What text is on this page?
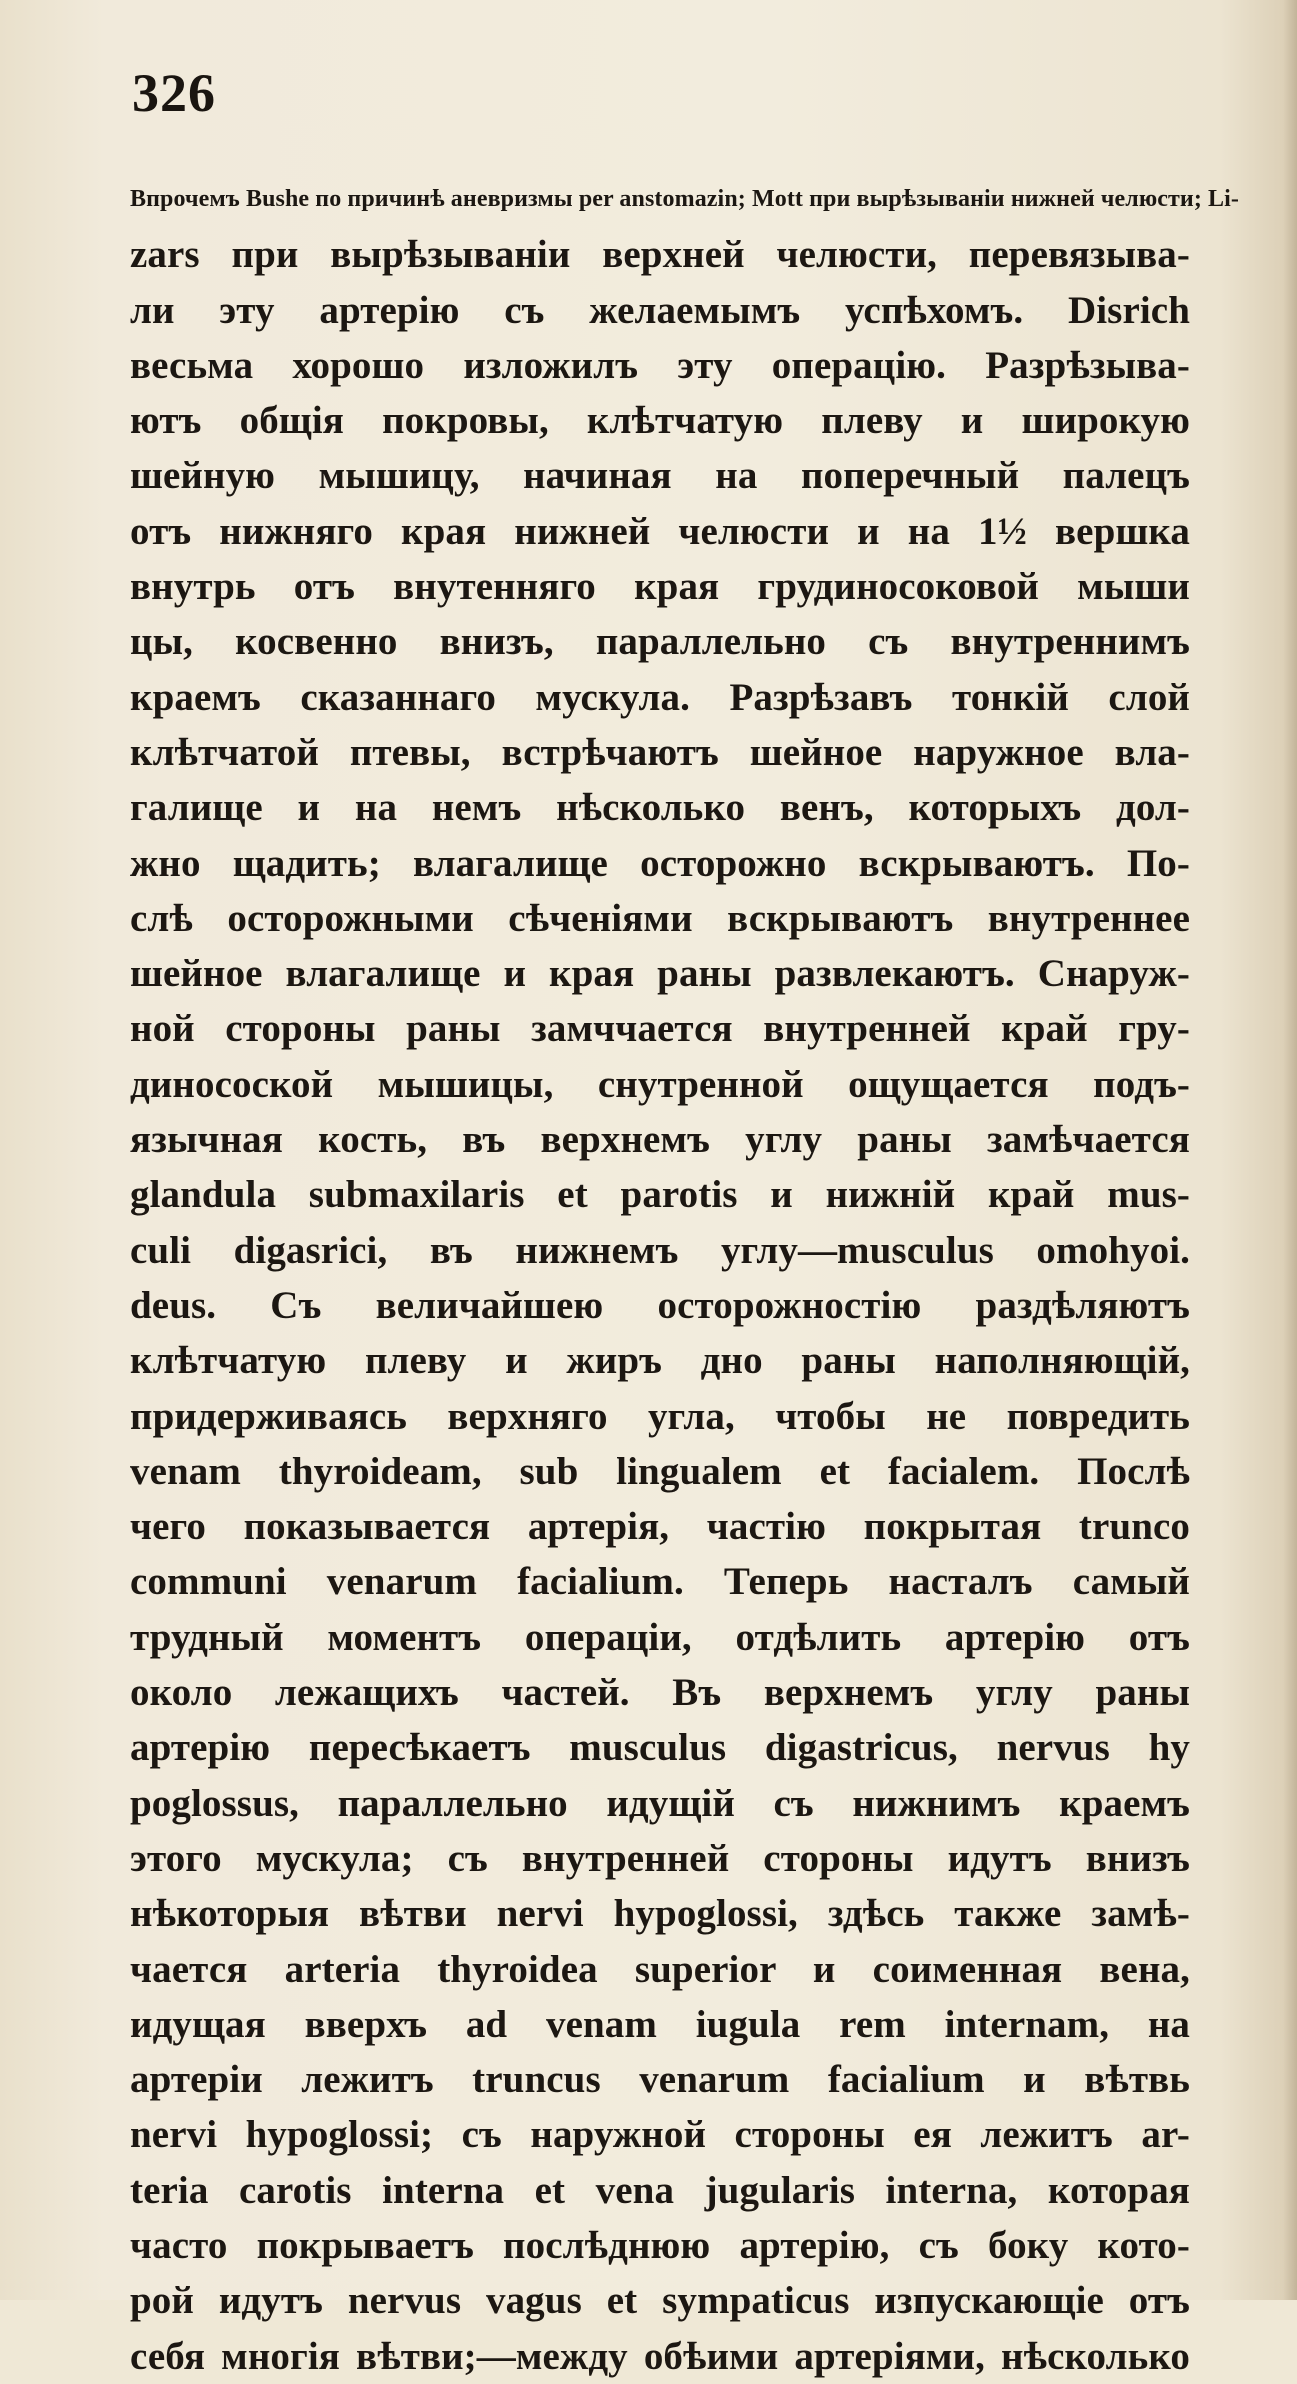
326
Впрочемъ Bushe по причинѣ аневризмы per anstomazin; Mott при вырѣзываніи нижней челюсти; Li-
zars при вырѣзываніи верхней челюсти, перевязыва-
ли эту артерію съ желаемымъ успѣхомъ. Disrich
весьма хорошо изложилъ эту операцію. Разрѣзыва-
ютъ общія покровы, клѣтчатую плеву и широкую
шейную мышицу, начиная на поперечный палецъ
отъ нижняго края нижней челюсти и на 1½ вершка
внутрь отъ внутенняго края грудиносоковой мыши
цы, косвенно внизъ, параллельно съ внутреннимъ
краемъ сказаннаго мускула. Разрѣзавъ тонкій слой
клѣтчатой птевы, встрѣчаютъ шейное наружное вла-
галище и на немъ нѣсколько венъ, которыхъ дол-
жно щадить; влагалище осторожно вскрываютъ. По-
слѣ осторожными сѣченіями вскрываютъ внутреннее
шейное влагалище и края раны развлекаютъ. Снаруж-
ной стороны раны замччается внутренней край гру-
диносоской мышицы, снутренной ощущается подъ-
язычная кость, въ верхнемъ углу раны замѣчается
glandula submaxilaris et parotis и нижній край mus-
culi digasrici, въ нижнемъ углу—musculus omohyoi.
deus. Съ величайшею осторожностію раздѣляютъ
клѣтчатую плеву и жиръ дно раны наполняющій,
придерживаясь верхняго угла, чтобы не повредить
venam thyroideam, sub lingualem et facialem. Послѣ
чего показывается артерія, частію покрытая trunco
communi venarum facialium. Теперь насталъ самый
трудный моментъ операціи, отдѣлить артерію отъ
около лежащихъ частей. Въ верхнемъ углу раны
артерію пересѣкаетъ musculus digastricus, nervus hy
poglossus, параллельно идущій съ нижнимъ краемъ
этого мускула; съ внутренней стороны идутъ внизъ
нѣкоторыя вѣтви nervi hypoglossi, здѣсь также замѣ-
чается arteria thyroidea superior и соименная вена,
идущая вверхъ ad venam iugula rem internam, на
артеріи лежитъ truncus venarum facialium и вѣтвь
nervi hypoglossi; съ наружной стороны ея лежитъ ar-
teria carotis interna et vena jugularis interna, которая
часто покрываетъ послѣднюю артерію, съ боку кото-
рой идутъ nervus vagus et sympaticus изпускающіе отъ
себя многія вѣтви;—между обѣими артеріями, нѣсколько
